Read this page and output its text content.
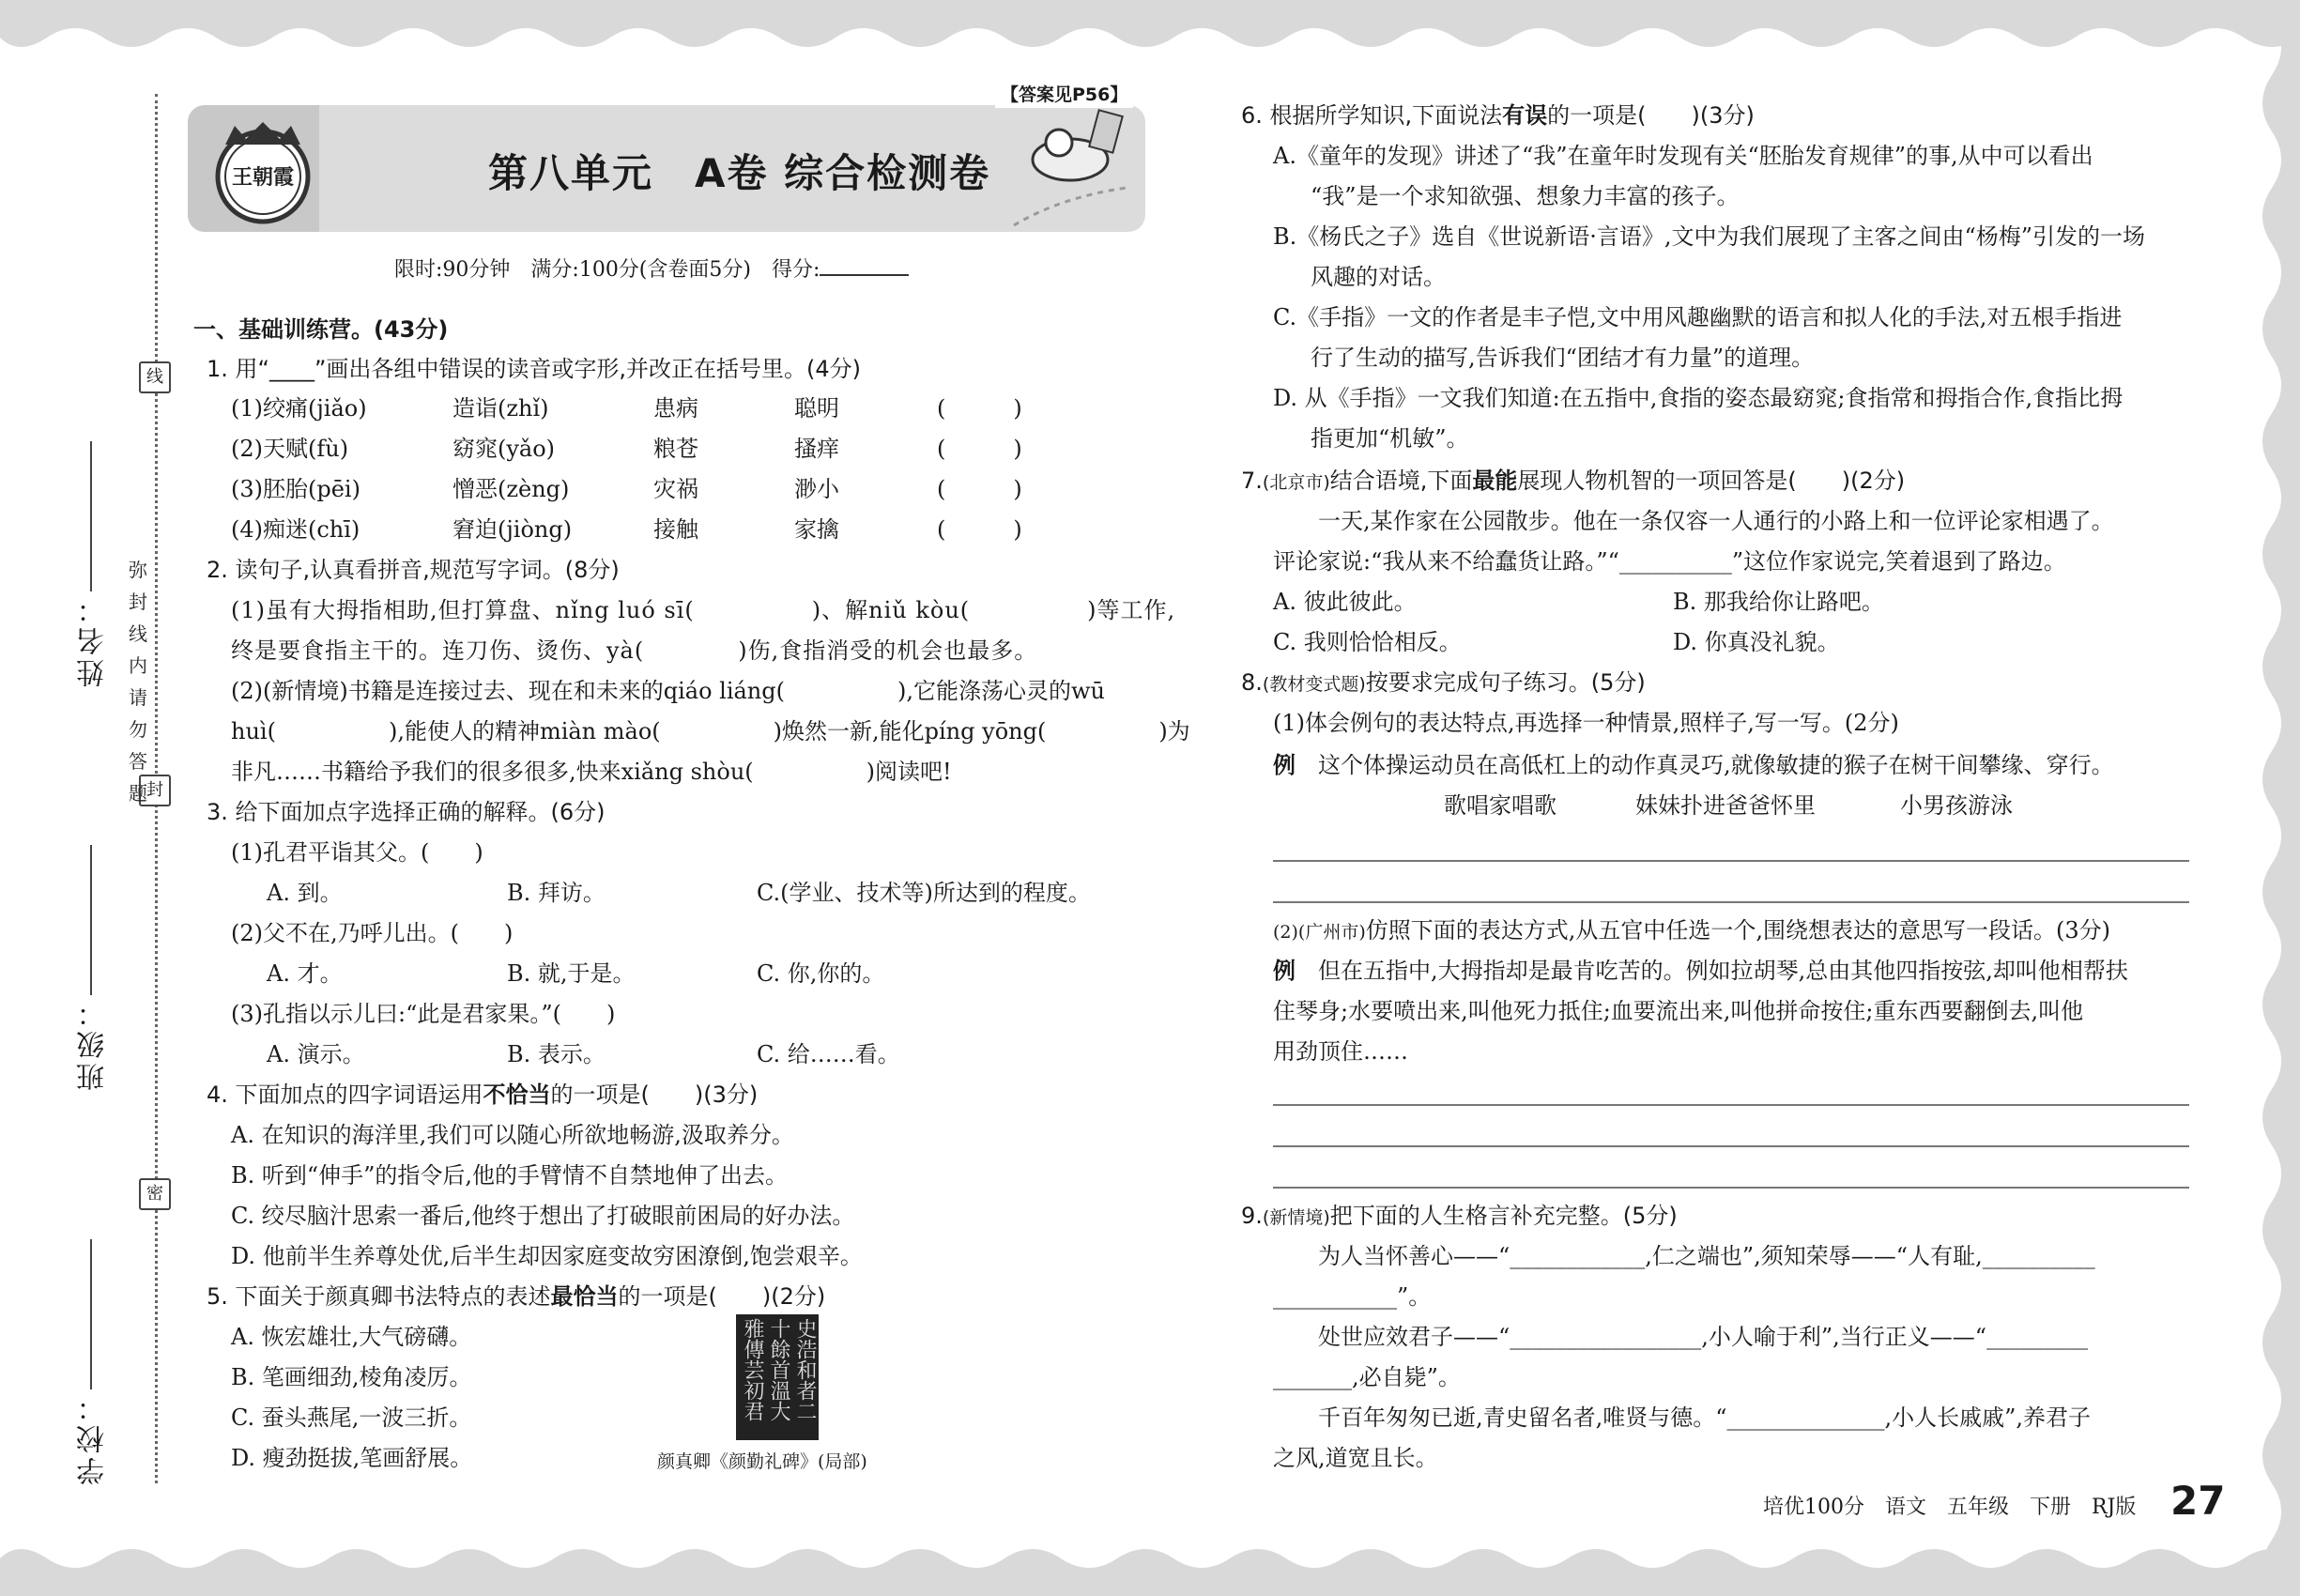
姓名：
班级：
学校：
线
封
密
弥封线内请勿答题
王朝霞	第八单元　A卷 综合检测卷
【答案见P56】
限时:90分钟　满分:100分(含卷面5分)　得分:
一、基础训练营。(43分)
1. 用“____”画出各组中错误的读音或字形,并改正在括号里。(4分)
(1)绞痛(jiǎo)	造诣(zhǐ)	患病	聪明	(　　　)
(2)天赋(fù)	窈窕(yǎo)	粮苍	搔痒	(　　　)
(3)胚胎(pēi)	憎恶(zèng)	灾祸	渺小	(　　　)
(4)痴迷(chī)	窘迫(jiòng)	接触	家擒	(　　　)
2. 读句子,认真看拼音,规范写字词。(8分)
(1)虽有大拇指相助,但打算盘、nǐng luó sī(　　　　　)、解niǔ kòu(　　　　　)等工作,
终是要食指主干的。连刀伤、烫伤、yà(　　　　)伤,食指消受的机会也最多。
(2)(新情境)书籍是连接过去、现在和未来的qiáo liáng(　　　　　),它能涤荡心灵的wū
huì(　　　　　),能使人的精神miàn mào(　　　　　)焕然一新,能化píng yōng(　　　　　)为
非凡……书籍给予我们的很多很多,快来xiǎng shòu(　　　　　)阅读吧!
3. 给下面加点字选择正确的解释。(6分)
(1)孔君平诣其父。(　　)
A. 到。	B. 拜访。	C.(学业、技术等)所达到的程度。
(2)父不在,乃呼儿出。(　　)
A. 才。	B. 就,于是。	C. 你,你的。
(3)孔指以示儿曰:“此是君家果。”(　　)
A. 演示。	B. 表示。	C. 给……看。
4. 下面加点的四字词语运用不恰当的一项是(　　)(3分)
A. 在知识的海洋里,我们可以随心所欲地畅游,汲取养分。
B. 听到“伸手”的指令后,他的手臂情不自禁地伸了出去。
C. 绞尽脑汁思索一番后,他终于想出了打破眼前困局的好办法。
D. 他前半生养尊处优,后半生却因家庭变故穷困潦倒,饱尝艰辛。
5. 下面关于颜真卿书法特点的表述最恰当的一项是(　　)(2分)
A. 恢宏雄壮,大气磅礴。
B. 笔画细劲,棱角凌厉。
C. 蚕头燕尾,一波三折。
D. 瘦劲挺拔,笔画舒展。
史浩和者二
十餘首溫大
雅傳芸初君
颜真卿《颜勤礼碑》(局部)
6. 根据所学知识,下面说法有误的一项是(　　)(3分)
A.《童年的发现》讲述了“我”在童年时发现有关“胚胎发育规律”的事,从中可以看出
“我”是一个求知欲强、想象力丰富的孩子。
B.《杨氏之子》选自《世说新语·言语》,文中为我们展现了主客之间由“杨梅”引发的一场
风趣的对话。
C.《手指》一文的作者是丰子恺,文中用风趣幽默的语言和拟人化的手法,对五根手指进
行了生动的描写,告诉我们“团结才有力量”的道理。
D. 从《手指》一文我们知道:在五指中,食指的姿态最窈窕;食指常和拇指合作,食指比拇
指更加“机敏”。
7.(北京市)结合语境,下面最能展现人物机智的一项回答是(　　)(2分)
一天,某作家在公园散步。他在一条仅容一人通行的小路上和一位评论家相遇了。
评论家说:“我从来不给蠢货让路。”“__________”这位作家说完,笑着退到了路边。
A. 彼此彼此。	B. 那我给你让路吧。
C. 我则恰恰相反。	D. 你真没礼貌。
8.(教材变式题)按要求完成句子练习。(5分)
(1)体会例句的表达特点,再选择一种情景,照样子,写一写。(2分)
例　 这个体操运动员在高低杠上的动作真灵巧,就像敏捷的猴子在树干间攀缘、穿行。
歌唱家唱歌	妹妹扑进爸爸怀里	小男孩游泳
(2)(广州市)仿照下面的表达方式,从五官中任选一个,围绕想表达的意思写一段话。(3分)
例　 但在五指中,大拇指却是最肯吃苦的。例如拉胡琴,总由其他四指按弦,却叫他相帮扶
住琴身;水要喷出来,叫他死力抵住;血要流出来,叫他拼命按住;重东西要翻倒去,叫他
用劲顶住……
9.(新情境)把下面的人生格言补充完整。(5分)
为人当怀善心——“____________,仁之端也”,须知荣辱——“人有耻,__________
___________”。
处世应效君子——“_________________,小人喻于利”,当行正义——“_________
_______,必自毙”。
千百年匆匆已逝,青史留名者,唯贤与德。“______________,小人长戚戚”,养君子
之风,道宽且长。
培优100分　语文　五年级　下册　RJ版 27
